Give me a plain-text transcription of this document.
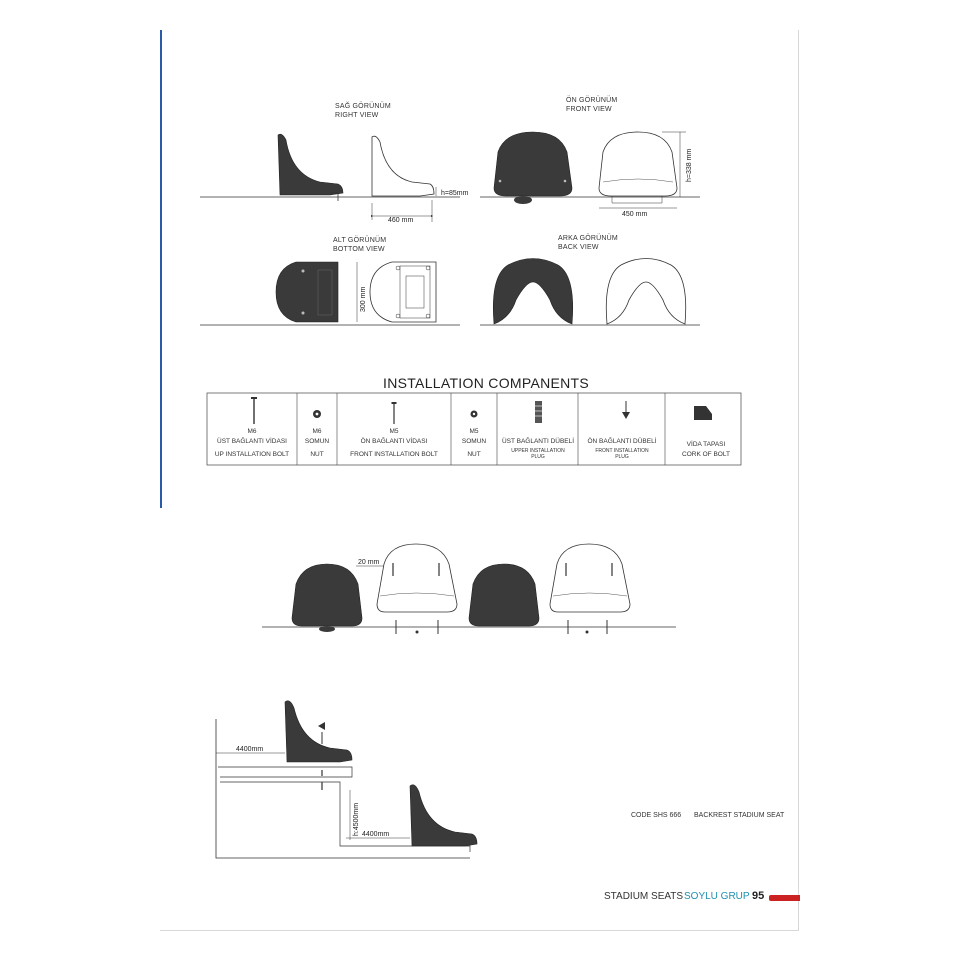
SAĞ GÖRÜNÜM
RIGHT VIEW
460 mm
h=85mm
ÖN GÖRÜNÜM
FRONT VIEW
h=338 mm
450 mm
ALT GÖRÜNÜM
BOTTOM VIEW
300 mm
ARKA GÖRÜNÜM
BACK VIEW
INSTALLATION COMPANENTS
M6
ÜST BAĞLANTI VİDASI
UP INSTALLATION BOLT
M6
SOMUN
NUT
M5
ÖN BAĞLANTI VİDASI
FRONT INSTALLATION BOLT
M5
SOMUN
NUT
ÜST BAĞLANTI DÜBELİ
UPPER INSTALLATION
PLUG
ÖN BAĞLANTI DÜBELİ
FRONT INSTALLATION
PLUG
VİDA TAPASI
CORK OF BOLT
20 mm
4400mm
4400mm
h:4500mm	CODE SHS 666 BACKREST STADIUM SEAT
STADIUM SEATS SOYLU GRUP 95
